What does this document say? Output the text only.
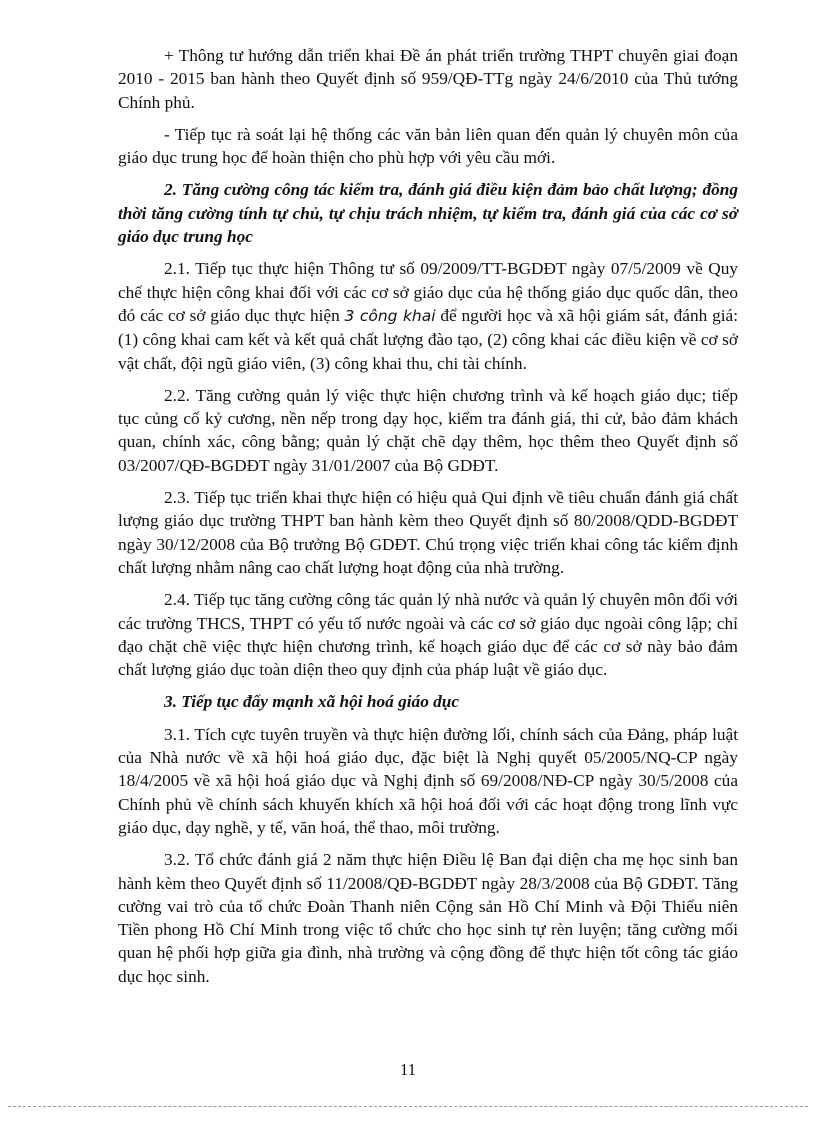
+ Thông tư hướng dẫn triển khai Đề án phát triển trường THPT chuyên giai đoạn 2010 - 2015 ban hành theo Quyết định số 959/QĐ-TTg ngày 24/6/2010 của Thủ tướng Chính phủ.

- Tiếp tục rà soát lại hệ thống các văn bản liên quan đến quản lý chuyên môn của giáo dục trung học để hoàn thiện cho phù hợp với yêu cầu mới.

2. Tăng cường công tác kiểm tra, đánh giá điều kiện đảm bảo chất lượng; đồng thời tăng cường tính tự chủ, tự chịu trách nhiệm, tự kiểm tra, đánh giá của các cơ sở giáo dục trung học

2.1. Tiếp tục thực hiện Thông tư số 09/2009/TT-BGDĐT ngày 07/5/2009 về Quy chế thực hiện công khai đối với các cơ sở giáo dục của hệ thống giáo dục quốc dân, theo đó các cơ sở giáo dục thực hiện 3 công khai để người học và xã hội giám sát, đánh giá: (1) công khai cam kết và kết quả chất lượng đào tạo, (2) công khai các điều kiện về cơ sở vật chất, đội ngũ giáo viên, (3) công khai thu, chi tài chính.

2.2. Tăng cường quản lý việc thực hiện chương trình và kế hoạch giáo dục; tiếp tục củng cố kỷ cương, nền nếp trong dạy học, kiểm tra đánh giá, thi cử, bảo đảm khách quan, chính xác, công bằng; quản lý chặt chẽ dạy thêm, học thêm theo Quyết định số 03/2007/QĐ-BGDĐT ngày 31/01/2007 của Bộ GDĐT.

2.3. Tiếp tục triển khai thực hiện có hiệu quả Qui định về tiêu chuẩn đánh giá chất lượng giáo dục trường THPT ban hành kèm theo Quyết định số 80/2008/QDD-BGDĐT ngày 30/12/2008 của Bộ trưởng Bộ GDĐT. Chú trọng việc triển khai công tác kiểm định chất lượng nhằm nâng cao chất lượng hoạt động của nhà trường.

2.4. Tiếp tục tăng cường công tác quản lý nhà nước và quản lý chuyên môn đối với các trường THCS, THPT có yếu tố nước ngoài và các cơ sở giáo dục ngoài công lập; chỉ đạo chặt chẽ việc thực hiện chương trình, kế hoạch giáo dục để các cơ sở này bảo đảm chất lượng giáo dục toàn diện theo quy định của pháp luật về giáo dục.

3. Tiếp tục đẩy mạnh xã hội hoá giáo dục

3.1. Tích cực tuyên truyền và thực hiện đường lối, chính sách của Đảng, pháp luật của Nhà nước về xã hội hoá giáo dục, đặc biệt là Nghị quyết 05/2005/NQ-CP ngày 18/4/2005 về xã hội hoá giáo dục và Nghị định số 69/2008/NĐ-CP ngày 30/5/2008 của Chính phủ về chính sách khuyến khích xã hội hoá đối với các hoạt động trong lĩnh vực giáo dục, dạy nghề, y tế, văn hoá, thể thao, môi trường.

3.2. Tổ chức đánh giá 2 năm thực hiện Điều lệ Ban đại diện cha mẹ học sinh ban hành kèm theo Quyết định số 11/2008/QĐ-BGDĐT ngày 28/3/2008 của Bộ GDĐT. Tăng cường vai trò của tổ chức Đoàn Thanh niên Cộng sản Hồ Chí Minh và Đội Thiếu niên Tiền phong Hồ Chí Minh trong việc tổ chức cho học sinh tự rèn luyện; tăng cường mối quan hệ phối hợp giữa gia đình, nhà trường và cộng đồng để thực hiện tốt công tác giáo dục học sinh.

11
